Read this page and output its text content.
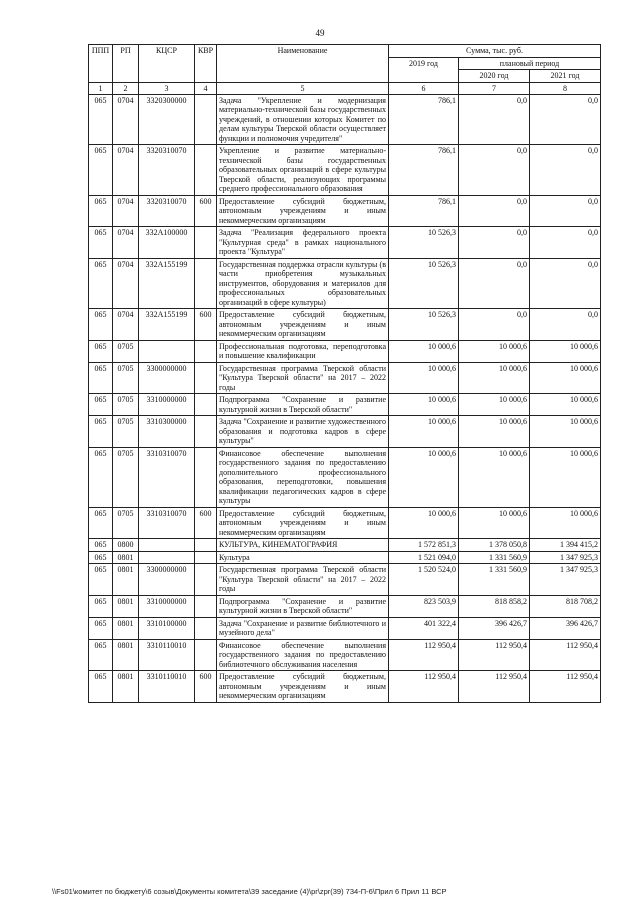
49
ППП	РП	КЦСР	КВР	Наименование	Сумма, тыс. руб.		
					2019 год	плановый период	
						2020 год	2021 год
1	2	3	4	5	6	7	8
065	0704	3320300000		Задача "Укрепление и модернизация материально-технической базы государственных учреждений, в отношении которых Комитет по делам культуры Тверской области осуществляет функции и полномочия учредителя"	786,1	0,0	0,0
065	0704	3320310070		Укрепление и развитие материально-технической базы государственных образовательных организаций в сфере культуры Тверской области, реализующих программы среднего профессионального образования	786,1	0,0	0,0
065	0704	3320310070	600	Предоставление субсидий бюджетным, автономным учреждениям и иным некоммерческим организациям	786,1	0,0	0,0
065	0704	332A100000		Задача "Реализация федерального проекта "Культурная среда" в рамках национального проекта "Культура"	10 526,3	0,0	0,0
065	0704	332A155199		Государственная поддержка отрасли культуры (в части приобретения музыкальных инструментов, оборудования и материалов для профессиональных образовательных организаций в сфере культуры)	10 526,3	0,0	0,0
065	0704	332A155199	600	Предоставление субсидий бюджетным, автономным учреждениям и иным некоммерческим организациям	10 526,3	0,0	0,0
065	0705			Профессиональная подготовка, переподготовка и повышение квалификации	10 000,6	10 000,6	10 000,6
065	0705	3300000000		Государственная программа Тверской области "Культура Тверской области" на 2017 – 2022 годы	10 000,6	10 000,6	10 000,6
065	0705	3310000000		Подпрограмма "Сохранение и развитие культурной жизни в Тверской области"	10 000,6	10 000,6	10 000,6
065	0705	3310300000		Задача "Сохранение и развитие художественного образования и подготовка кадров в сфере культуры"	10 000,6	10 000,6	10 000,6
065	0705	3310310070		Финансовое обеспечение выполнения государственного задания по предоставлению дополнительного профессионального образования, переподготовки, повышения квалификации педагогических кадров в сфере культуры	10 000,6	10 000,6	10 000,6
065	0705	3310310070	600	Предоставление субсидий бюджетным, автономным учреждениям и иным некоммерческим организациям	10 000,6	10 000,6	10 000,6
065	0800			КУЛЬТУРА, КИНЕМАТОГРАФИЯ	1 572 851,3	1 378 050,8	1 394 415,2
065	0801			Культура	1 521 094,0	1 331 560,9	1 347 925,3
065	0801	3300000000		Государственная программа Тверской области "Культура Тверской области" на 2017 – 2022 годы	1 520 524,0	1 331 560,9	1 347 925,3
065	0801	3310000000		Подпрограмма "Сохранение и развитие культурной жизни в Тверской области"	823 503,9	818 858,2	818 708,2
065	0801	3310100000		Задача "Сохранение и развитие библиотечного и музейного дела"	401 322,4	396 426,7	396 426,7
065	0801	3310110010		Финансовое обеспечение выполнения государственного задания по предоставлению библиотечного обслуживания населения	112 950,4	112 950,4	112 950,4
065	0801	3310110010	600	Предоставление субсидий бюджетным, автономным учреждениям и иным некоммерческим организациям	112 950,4	112 950,4	112 950,4
\\Fs01\комитет по бюджету\6 созыв\Документы комитета\39 заседание (4)\pr\zpr(39) 734-П-6\Прил 6 Прил 11 ВСР
